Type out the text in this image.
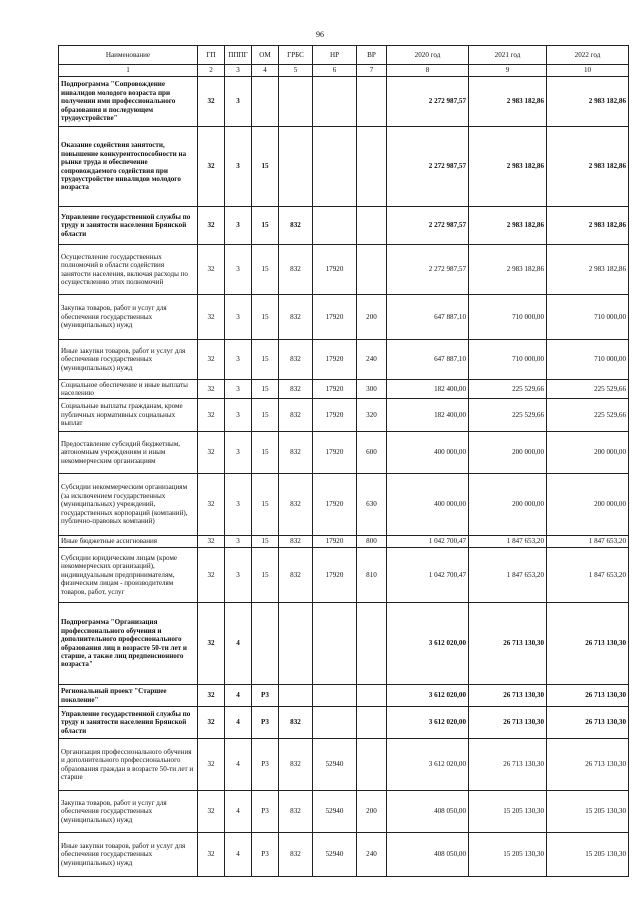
96
Наименование	ГП	ПППГ	ОМ	ГРБС	НР	ВР	2020 год	2021 год	2022 год
1	2	3	4	5	6	7	8	9	10
Подпрограмма "Сопровождение инвалидов молодого возраста при получении ими профессионального образования и последующем трудоустройстве"	32	3					2 272 987,57	2 983 182,86	2 983 182,86
Оказание содействия занятости, повышение конкурентоспособности на рынке труда и обеспечение сопровождаемого содействия при трудоустройстве инвалидов молодого возраста	32	3	15				2 272 987,57	2 983 182,86	2 983 182,86
Управление государственной службы по труду и занятости населения Брянской области	32	3	15	832			2 272 987,57	2 983 182,86	2 983 182,86
Осуществление государственных полномочий в области содействия занятости населения, включая расходы по осуществлению этих полномочий	32	3	15	832	17920		2 272 987,57	2 983 182,86	2 983 182,86
Закупка товаров, работ и услуг для обеспечения государственных (муниципальных) нужд	32	3	15	832	17920	200	647 887,10	710 000,00	710 000,00
Иные закупки товаров, работ и услуг для обеспечения государственных (муниципальных) нужд	32	3	15	832	17920	240	647 887,10	710 000,00	710 000,00
Социальное обеспечение и иные выплаты населению	32	3	15	832	17920	300	182 400,00	225 529,66	225 529,66
Социальные выплаты гражданам, кроме публичных нормативных социальных выплат	32	3	15	832	17920	320	182 400,00	225 529,66	225 529,66
Предоставление субсидий бюджетным, автономным учреждениям и иным некоммерческим организациям	32	3	15	832	17920	600	400 000,00	200 000,00	200 000,00
Субсидии некоммерческим организациям (за исключением государственных (муниципальных) учреждений, государственных корпораций (компаний), публично-правовых компаний)	32	3	15	832	17920	630	400 000,00	200 000,00	200 000,00
Иные бюджетные ассигнования	32	3	15	832	17920	800	1 042 700,47	1 847 653,20	1 847 653,20
Субсидии юридическим лицам (кроме некоммерческих организаций), индивидуальным предпринимателям, физическим лицам - производителям товаров, работ, услуг	32	3	15	832	17920	810	1 042 700,47	1 847 653,20	1 847 653,20
Подпрограмма "Организация профессионального обучения и дополнительного профессионального образования лиц в возрасте 50-ти лет и старше, а также лиц предпенсионного возраста"	32	4					3 612 020,00	26 713 130,30	26 713 130,30
Региональный проект "Старшее поколение"	32	4	P3				3 612 020,00	26 713 130,30	26 713 130,30
Управление государственной службы по труду и занятости населения Брянской области	32	4	P3	832			3 612 020,00	26 713 130,30	26 713 130,30
Организация профессионального обучения и дополнительного профессионального образования граждан в возрасте 50-ти лет и старше	32	4	P3	832	52940		3 612 020,00	26 713 130,30	26 713 130,30
Закупка товаров, работ и услуг для обеспечения государственных (муниципальных) нужд	32	4	P3	832	52940	200	408 050,00	15 205 130,30	15 205 130,30
Иные закупки товаров, работ и услуг для обеспечения государственных (муниципальных) нужд	32	4	P3	832	52940	240	408 050,00	15 205 130,30	15 205 130,30
